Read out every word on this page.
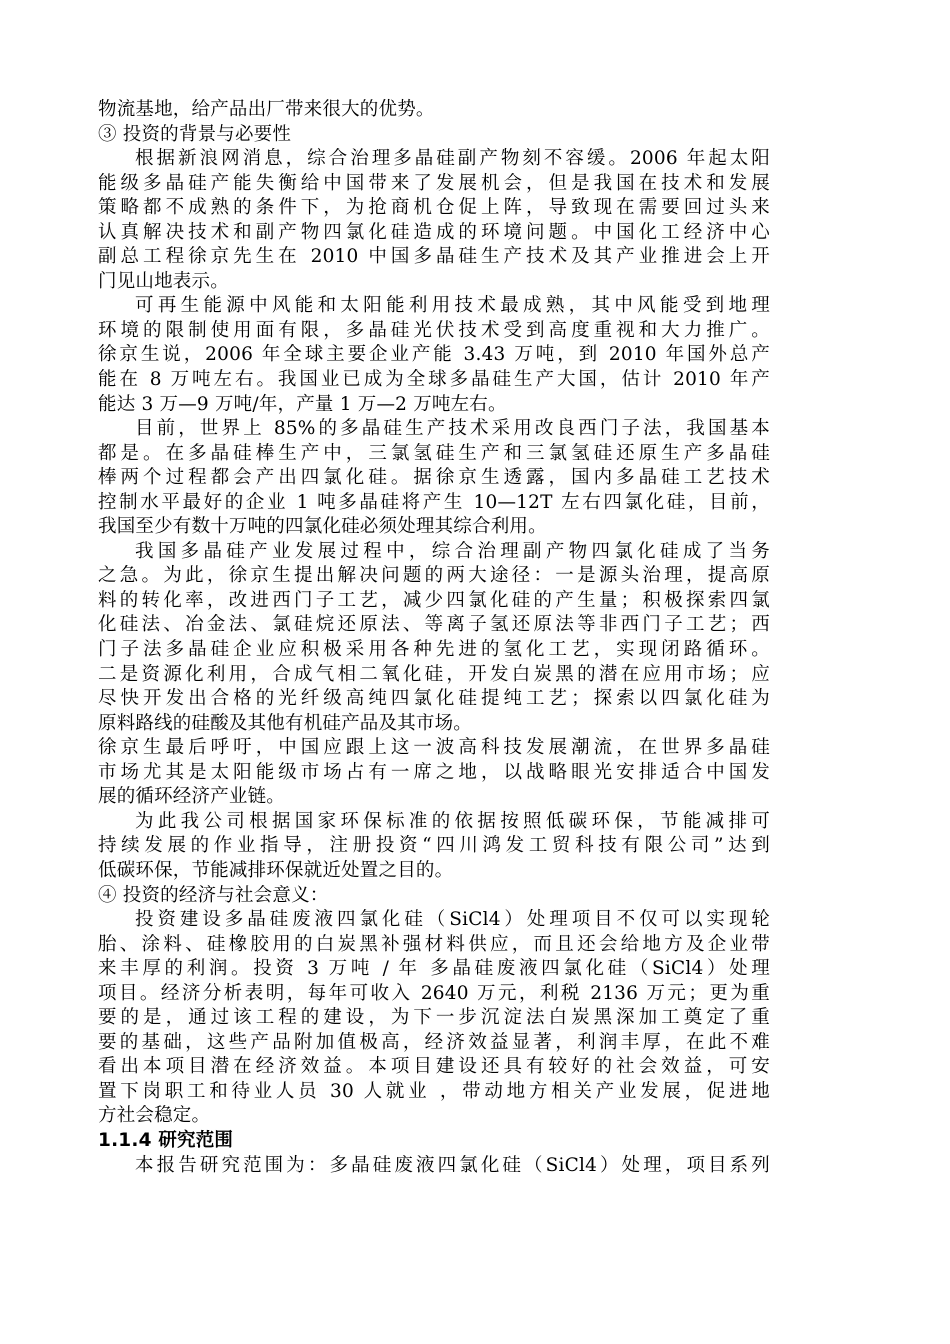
物流基地，给产品出厂带来很大的优势。
③ 投资的背景与必要性
根据新浪网消息，综合治理多晶硅副产物刻不容缓。2006 年起太阳
能级多晶硅产能失衡给中国带来了发展机会，但是我国在技术和发展
策略都不成熟的条件下，为抢商机仓促上阵，导致现在需要回过头来
认真解决技术和副产物四氯化硅造成的环境问题。中国化工经济中心
副总工程徐京先生在 2010 中国多晶硅生产技术及其产业推进会上开
门见山地表示。
可再生能源中风能和太阳能利用技术最成熟，其中风能受到地理
环境的限制使用面有限，多晶硅光伏技术受到高度重视和大力推广。
徐京生说，2006 年全球主要企业产能 3.43 万吨，到 2010 年国外总产
能在 8 万吨左右。我国业已成为全球多晶硅生产大国，估计 2010 年产
能达 3 万—9 万吨/年，产量 1 万—2 万吨左右。
目前，世界上 85%的多晶硅生产技术采用改良西门子法，我国基本
都是。在多晶硅棒生产中，三氯氢硅生产和三氯氢硅还原生产多晶硅
棒两个过程都会产出四氯化硅。据徐京生透露，国内多晶硅工艺技术
控制水平最好的企业 1 吨多晶硅将产生 10—12T 左右四氯化硅，目前，
我国至少有数十万吨的四氯化硅必须处理其综合利用。
我国多晶硅产业发展过程中，综合治理副产物四氯化硅成了当务
之急。为此，徐京生提出解决问题的两大途径：一是源头治理，提高原
料的转化率，改进西门子工艺，减少四氯化硅的产生量；积极探索四氯
化硅法、冶金法、氯硅烷还原法、等离子氢还原法等非西门子工艺；西
门子法多晶硅企业应积极采用各种先进的氢化工艺，实现闭路循环。
二是资源化利用，合成气相二氧化硅，开发白炭黑的潜在应用市场；应
尽快开发出合格的光纤级高纯四氯化硅提纯工艺；探索以四氯化硅为
原料路线的硅酸及其他有机硅产品及其市场。
徐京生最后呼吁，中国应跟上这一波高科技发展潮流，在世界多晶硅
市场尤其是太阳能级市场占有一席之地，以战略眼光安排适合中国发
展的循环经济产业链。
为此我公司根据国家环保标准的依据按照低碳环保，节能减排可
持续发展的作业指导，注册投资“四川鸿发工贸科技有限公司”达到
低碳环保，节能减排环保就近处置之目的。
④ 投资的经济与社会意义：
投资建设多晶硅废液四氯化硅（SiCl4）处理项目不仅可以实现轮
胎、涂料、硅橡胶用的白炭黑补强材料供应，而且还会给地方及企业带
来丰厚的利润。投资 3 万吨 / 年 多晶硅废液四氯化硅（SiCl4）处理
项目。经济分析表明，每年可收入 2640 万元，利税 2136 万元；更为重
要的是，通过该工程的建设，为下一步沉淀法白炭黑深加工奠定了重
要的基础，这些产品附加值极高，经济效益显著，利润丰厚，在此不难
看出本项目潜在经济效益。本项目建设还具有较好的社会效益，可安
置下岗职工和待业人员 30 人就业 ，带动地方相关产业发展，促进地
方社会稳定。
1.1.4 研究范围
本报告研究范围为：多晶硅废液四氯化硅（SiCl4）处理，项目系列
